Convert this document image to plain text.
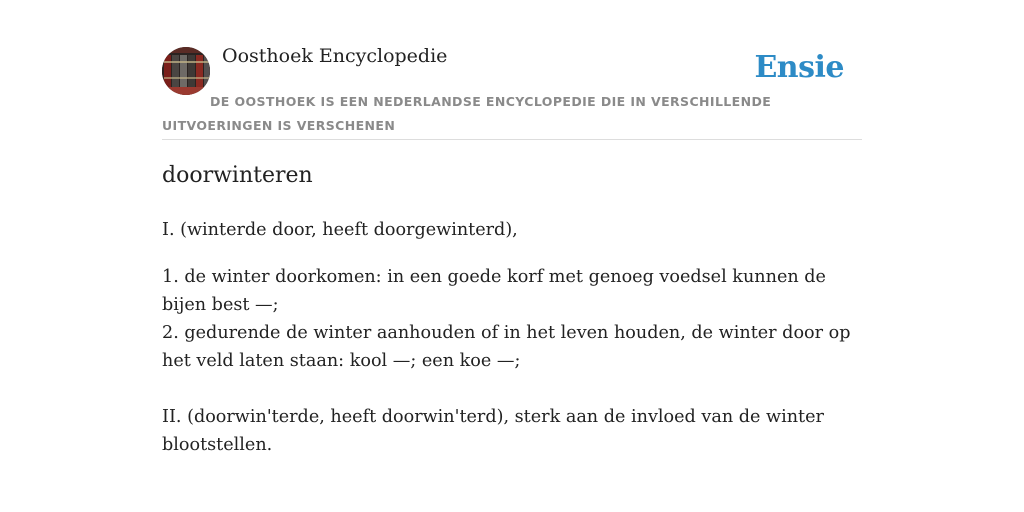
Oosthoek Encyclopedie	Ensie
DE OOSTHOEK IS EEN NEDERLANDSE ENCYCLOPEDIE DIE IN VERSCHILLENDE UITVOERINGEN IS VERSCHENEN
doorwinteren

I. (winterde door, heeft doorgewinterd),

1. de winter doorkomen: in een goede korf met genoeg voedsel kunnen de bijen best —;

2. gedurende de winter aanhouden of in het leven houden, de winter door op het veld laten staan: kool —; een koe —;

II. (doorwin'terde, heeft doorwin'terd), sterk aan de invloed van de winter blootstellen.
